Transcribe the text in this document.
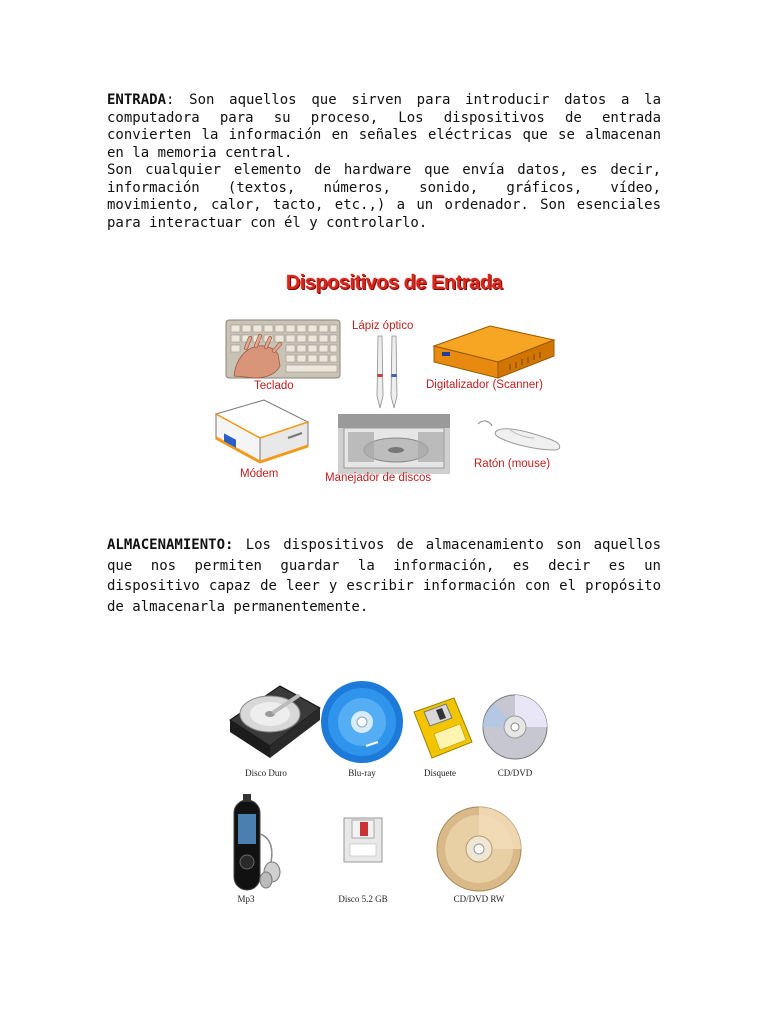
ENTRADA: Son aquellos que sirven para introducir datos a la computadora para su proceso, Los dispositivos de entrada convierten la información en señales eléctricas que se almacenan en la memoria central.

Son cualquier elemento de hardware que envía datos, es decir, información (textos, números, sonido, gráficos, vídeo, movimiento, calor, tacto, etc.,) a un ordenador. Son esenciales para interactuar con él y controlarlo.

Dispositivos de Entrada
Teclado
Lápiz óptico
Digitalizador (Scanner)
Módem	Manejador de discos
Ratón (mouse)

ALMACENAMIENTO: Los dispositivos de almacenamiento son aquellos que nos permiten guardar la información, es decir es un dispositivo capaz de leer y escribir información con el propósito de almacenarla permanentemente.

Disco Duro	Blu-ray	Disquete	CD/DVD
Mp3	Disco 5.2 GB	CD/DVD RW
